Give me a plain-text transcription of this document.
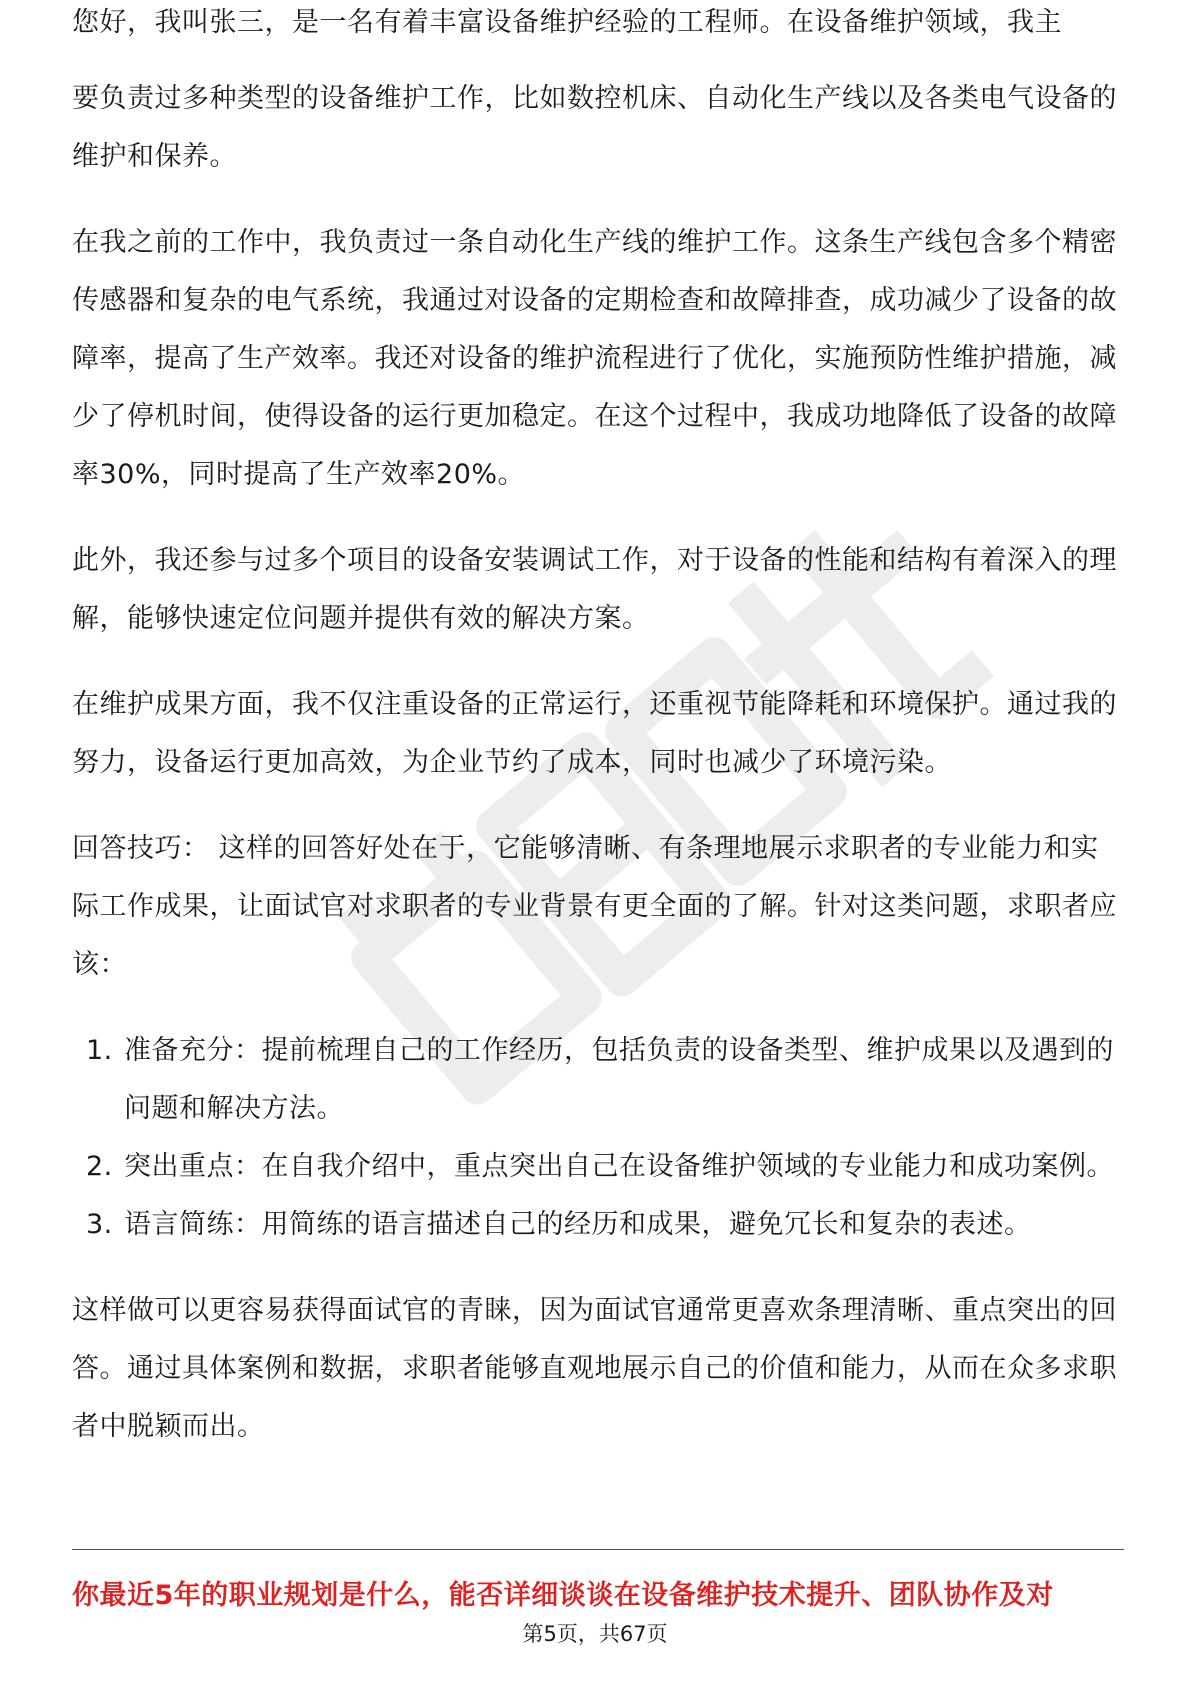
您好，我叫张三，是一名有着丰富设备维护经验的工程师。在设备维护领域，我主

要负责过多种类型的设备维护工作，比如数控机床、自动化生产线以及各类电气设备的维护和保养。

在我之前的工作中，我负责过一条自动化生产线的维护工作。这条生产线包含多个精密传感器和复杂的电气系统，我通过对设备的定期检查和故障排查，成功减少了设备的故障率，提高了生产效率。我还对设备的维护流程进行了优化，实施预防性维护措施，减少了停机时间，使得设备的运行更加稳定。在这个过程中，我成功地降低了设备的故障率30%，同时提高了生产效率20%。

此外，我还参与过多个项目的设备安装调试工作，对于设备的性能和结构有着深入的理解，能够快速定位问题并提供有效的解决方案。

在维护成果方面，我不仅注重设备的正常运行，还重视节能降耗和环境保护。通过我的努力，设备运行更加高效，为企业节约了成本，同时也减少了环境污染。

回答技巧： 这样的回答好处在于，它能够清晰、有条理地展示求职者的专业能力和实际工作成果，让面试官对求职者的专业背景有更全面的了解。针对这类问题，求职者应该：

1. 准备充分：提前梳理自己的工作经历，包括负责的设备类型、维护成果以及遇到的问题和解决方法。
2. 突出重点：在自我介绍中，重点突出自己在设备维护领域的专业能力和成功案例。
3. 语言简练：用简练的语言描述自己的经历和成果，避免冗长和复杂的表述。

这样做可以更容易获得面试官的青睐，因为面试官通常更喜欢条理清晰、重点突出的回答。通过具体案例和数据，求职者能够直观地展示自己的价值和能力，从而在众多求职者中脱颖而出。

你最近5年的职业规划是什么，能否详细谈谈在设备维护技术提升、团队协作及对
第5页，共67页
